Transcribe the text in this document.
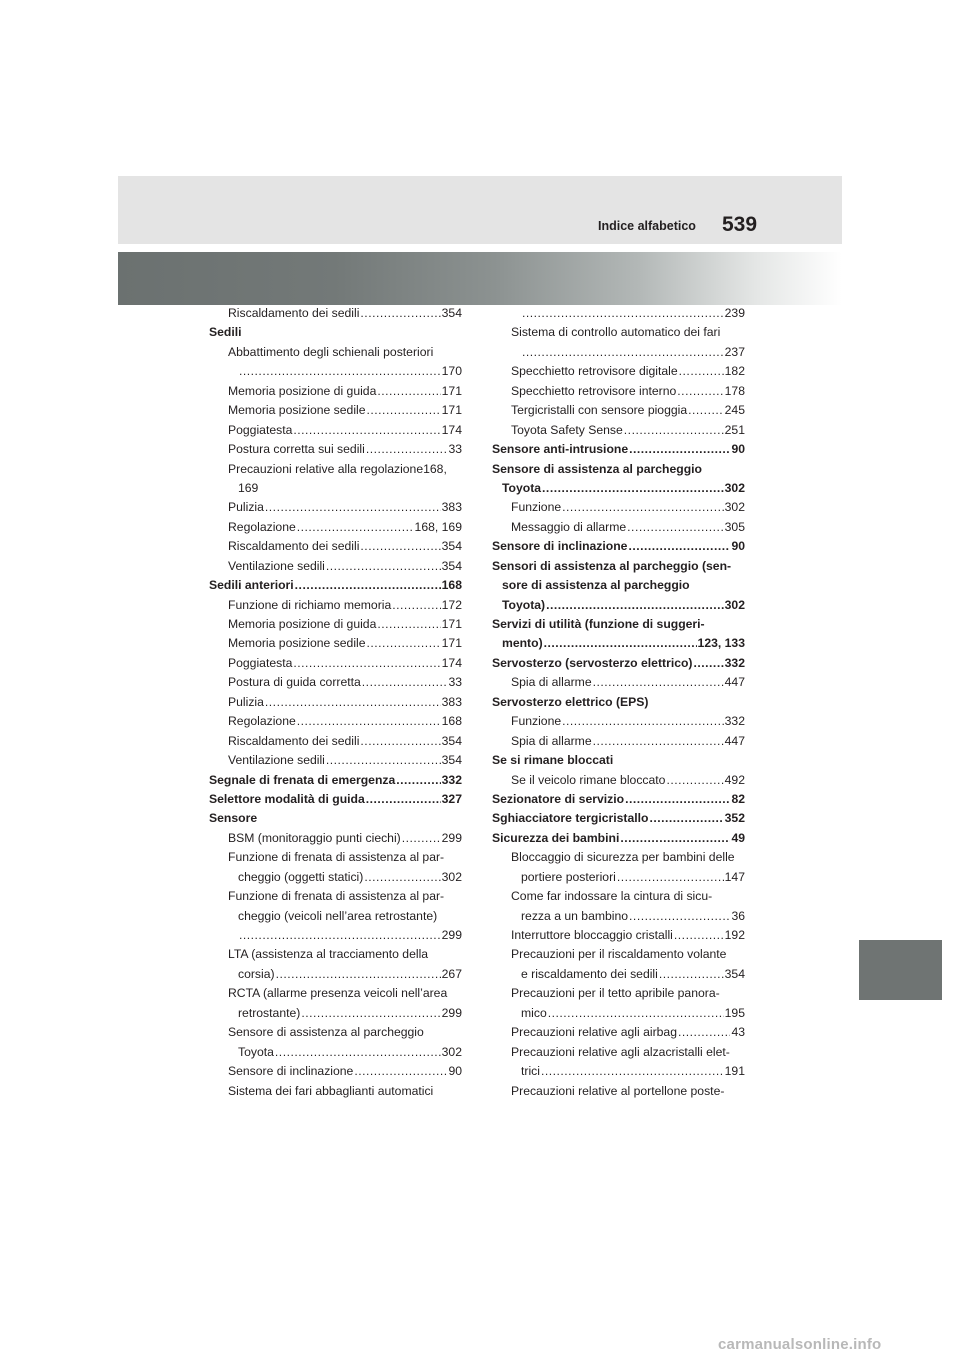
Indice alfabetico 539
Riscaldamento dei sedili .....	354
Sedili
Abbattimento degli schienali posteriori
.....
170
Memoria posizione di guida .....	171
Memoria posizione sedile .....	171
Poggiatesta .....	174
Postura corretta sui sedili .....	33
Precauzioni relative alla regolazione168,
169
Pulizia .....	383
Regolazione .....	168, 169
Riscaldamento dei sedili .....	354
Ventilazione sedili .....	354
Sedili anteriori .....	168
Funzione di richiamo memoria .....	172
Memoria posizione di guida .....	171
Memoria posizione sedile .....	171
Poggiatesta .....	174
Postura di guida corretta .....	33
Pulizia .....	383
Regolazione .....	168
Riscaldamento dei sedili .....	354
Ventilazione sedili .....	354
Segnale di frenata di emergenza .....	332
Selettore modalità di guida .....	327
Sensore
BSM (monitoraggio punti ciechi) .....	299
Funzione di frenata di assistenza al par-
cheggio (oggetti statici) .....	302
Funzione di frenata di assistenza al par-
cheggio (veicoli nell’area retrostante)
.....
299
LTA (assistenza al tracciamento della
corsia) .....	267
RCTA (allarme presenza veicoli nell’area
retrostante) .....	299
Sensore di assistenza al parcheggio
Toyota .....	302
Sensore di inclinazione .....	90
Sistema dei fari abbaglianti automatici
.....
239
Sistema di controllo automatico dei fari
.....
237
Specchietto retrovisore digitale .....	182
Specchietto retrovisore interno .....	178
Tergicristalli con sensore pioggia .....	245
Toyota Safety Sense .....	251
Sensore anti-intrusione .....	90
Sensore di assistenza al parcheggio
Toyota .....	302
Funzione .....	302
Messaggio di allarme .....	305
Sensore di inclinazione .....	90
Sensori di assistenza al parcheggio (sen-
sore di assistenza al parcheggio
Toyota) .....	302
Servizi di utilità (funzione di suggeri-
mento) .....	123, 133
Servosterzo (servosterzo elettrico) .....	332
Spia di allarme .....	447
Servosterzo elettrico (EPS)
Funzione .....	332
Spia di allarme .....	447
Se si rimane bloccati
Se il veicolo rimane bloccato .....	492
Sezionatore di servizio .....	82
Sghiacciatore tergicristallo .....	352
Sicurezza dei bambini .....	49
Bloccaggio di sicurezza per bambini delle
portiere posteriori .....	147
Come far indossare la cintura di sicu-
rezza a un bambino .....	36
Interruttore bloccaggio cristalli .....	192
Precauzioni per il riscaldamento volante
e riscaldamento dei sedili .....	354
Precauzioni per il tetto apribile panora-
mico .....	195
Precauzioni relative agli airbag .....	43
Precauzioni relative agli alzacristalli elet-
trici .....	191
Precauzioni relative al portellone poste-
carmanualsonline.info
